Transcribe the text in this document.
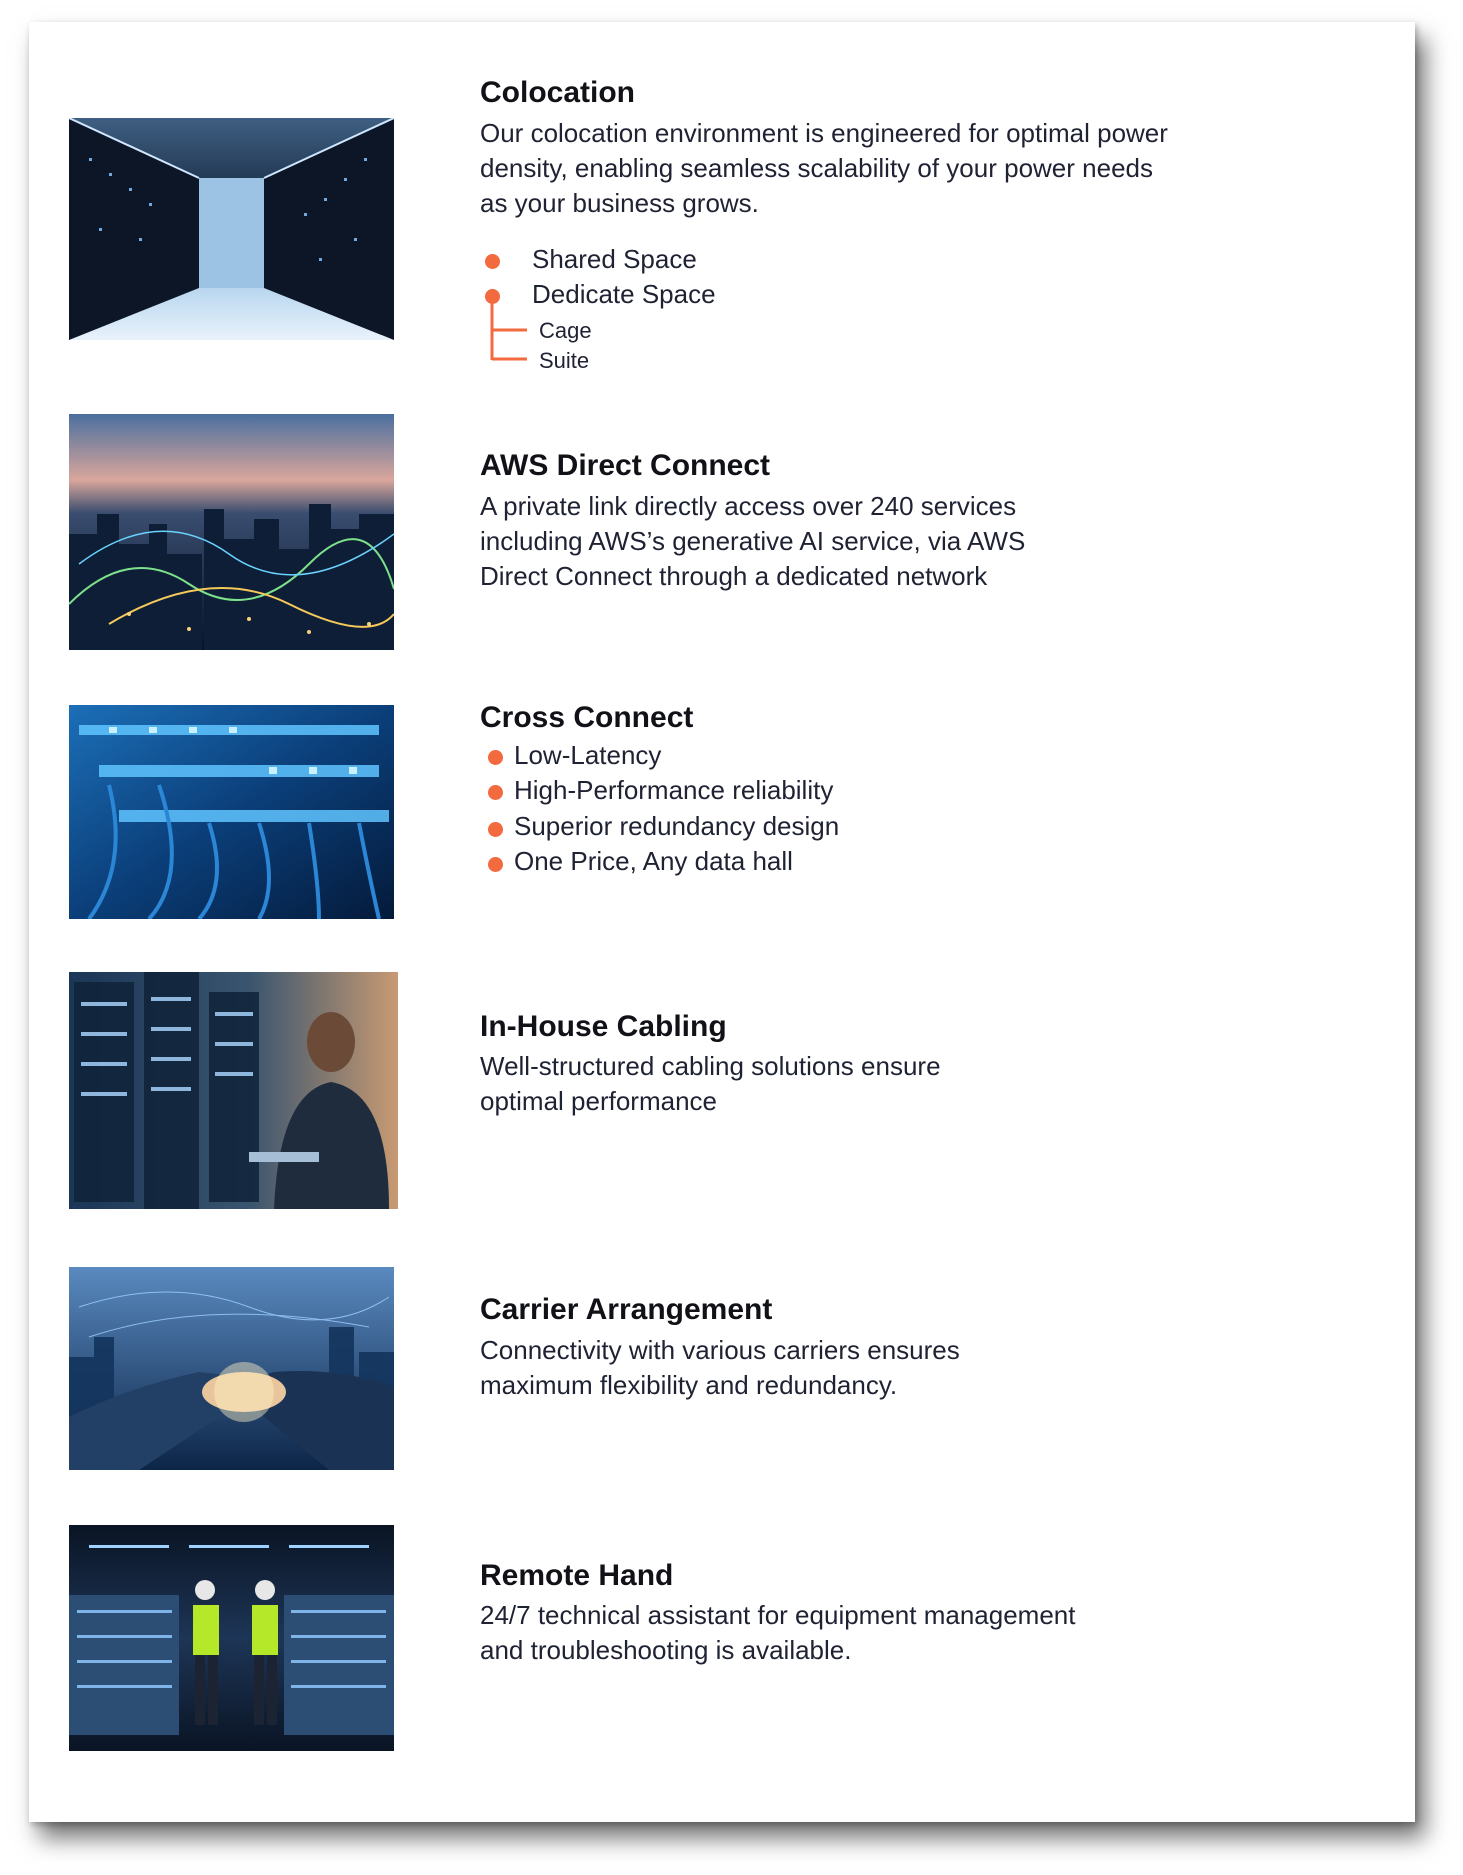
Colocation

Our colocation environment is engineered for optimal power
density, enabling seamless scalability of your power needs
as your business grows.

Shared Space
Dedicate Space
Cage
Suite
AWS Direct Connect

A private link directly access over 240 services
including AWS’s generative AI service, via AWS
Direct Connect through a dedicated network

Cross Connect
Low-Latency
High-Performance reliability
Superior redundancy design
One Price, Any data hall
In-House Cabling

Well-structured cabling solutions ensure
optimal performance

Carrier Arrangement

Connectivity with various carriers ensures
maximum flexibility and redundancy.

Remote Hand

24/7 technical assistant for equipment management
and troubleshooting is available.
